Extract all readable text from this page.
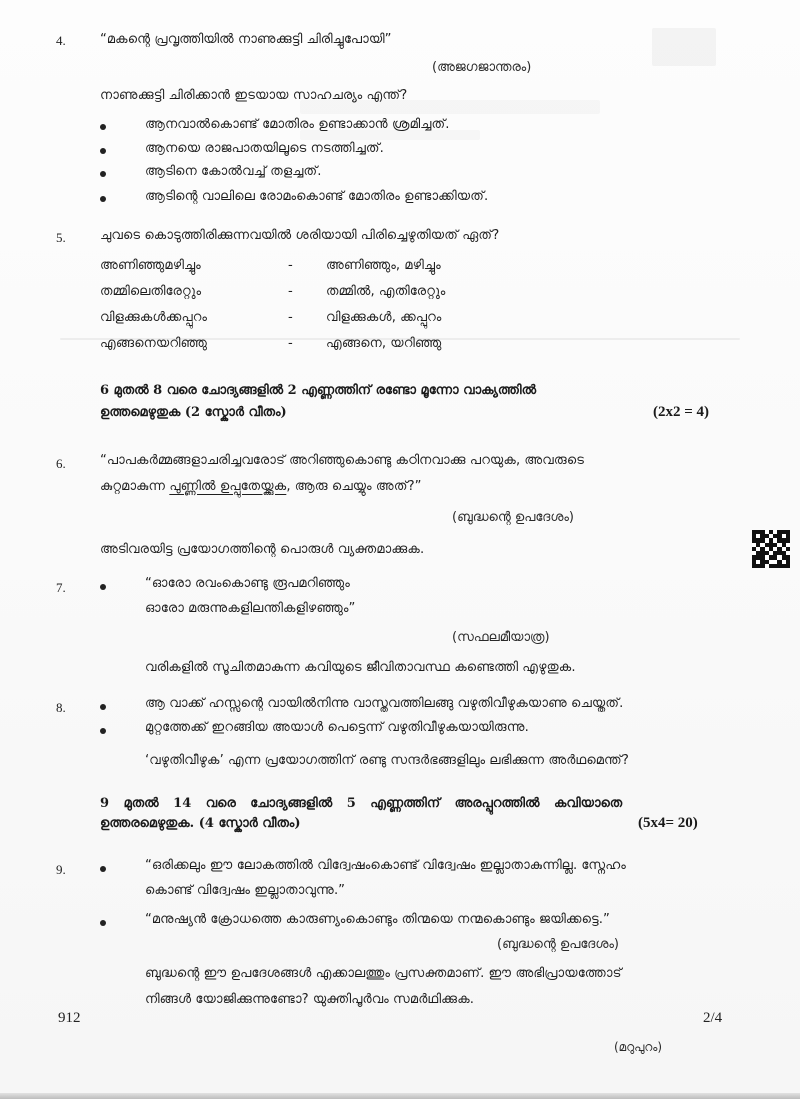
4.	“മകന്റെ പ്രവൃത്തിയിൽ നാണുക്കുട്ടി ചിരിച്ചുപോയി”
(അജഗജാന്തരം)
നാണുക്കുട്ടി ചിരിക്കാൻ ഇടയായ സാഹചര്യം എന്ത്?
ആനവാൽകൊണ്ട് മോതിരം ഉണ്ടാക്കാൻ ശ്രമിച്ചത്.
ആനയെ രാജപാതയിലൂടെ നടത്തിച്ചത്.
ആടിനെ കോൽവച്ച് തളച്ചത്.
ആടിന്റെ വാലിലെ രോമംകൊണ്ട് മോതിരം ഉണ്ടാക്കിയത്.
5.	ചുവടെ കൊടുത്തിരിക്കുന്നവയിൽ ശരിയായി പിരിച്ചെഴുതിയത് ഏത്?
അണിഞ്ഞുമഴിച്ചും	-	അണിഞ്ഞും, മഴിച്ചും
തമ്മിലെതിരേറ്റും	-	തമ്മിൽ, എതിരേറ്റും
വിളക്കുകൾക്കപ്പുറം	-	വിളക്കുകൾ, ക്കപ്പുറം
എങ്ങനെയറിഞ്ഞു	-	എങ്ങനെ, യറിഞ്ഞു
6 മുതൽ 8 വരെ ചോദ്യങ്ങളിൽ 2 എണ്ണത്തിന് രണ്ടോ മൂന്നോ വാക്യത്തിൽ
ഉത്തമെഴുതുക (2 സ്കോർ വീതം)	(2x2 = 4)
6.	“പാപകർമ്മങ്ങളാചരിച്ചവരോട് അറിഞ്ഞുകൊണ്ടു കഠിനവാക്കു പറയുക, അവരുടെ
കുറ്റമാകുന്ന പുണ്ണിൽ ഉപ്പുതേയ്ക്കുക, ആരു ചെയ്യും അത്?”
(ബുദ്ധന്റെ ഉപദേശം)
അടിവരയിട്ട പ്രയോഗത്തിന്റെ പൊരുൾ വ്യക്തമാക്കുക.
7.	“ഓരോ രവംകൊണ്ടു രൂപമറിഞ്ഞും
ഓരോ മരുന്നുകളിലന്തികളിഴഞ്ഞും”
(സഫലമീയാത്ര)
വരികളിൽ സൂചിതമാകുന്ന കവിയുടെ ജീവിതാവസ്ഥ കണ്ടെത്തി എഴുതുക.
8.	ആ വാക്ക് ഹസ്സന്റെ വായിൽനിന്നു വാസ്തവത്തിലങ്ങു വഴുതിവീഴുകയാണു ചെയ്തത്.
മുറ്റത്തേക്ക് ഇറങ്ങിയ അയാൾ പെട്ടെന്ന് വഴുതിവീഴുകയായിരുന്നു.
‘വഴുതിവീഴുക’ എന്ന പ്രയോഗത്തിന് രണ്ടു സന്ദർഭങ്ങളിലും ലഭിക്കുന്ന അർഥമെന്ത്?
9 മുതൽ 14 വരെ ചോദ്യങ്ങളിൽ 5 എണ്ണത്തിന് അരപ്പുറത്തിൽ കവിയാതെ
ഉത്തരമെഴുതുക. (4 സ്കോർ വീതം)	(5x4= 20)
9.	“ഒരിക്കലും ഈ ലോകത്തിൽ വിദ്വേഷംകൊണ്ട് വിദ്വേഷം ഇല്ലാതാകുന്നില്ല. സ്നേഹം
കൊണ്ട് വിദ്വേഷം ഇല്ലാതാവുന്നു.”
“മനുഷ്യൻ ക്രോധത്തെ കാരുണ്യംകൊണ്ടും തിന്മയെ നന്മകൊണ്ടും ജയിക്കട്ടെ.”
(ബുദ്ധന്റെ ഉപദേശം)
ബുദ്ധന്റെ ഈ ഉപദേശങ്ങൾ എക്കാലത്തും പ്രസക്തമാണ്. ഈ അഭിപ്രായത്തോട്
നിങ്ങൾ യോജിക്കുന്നുണ്ടോ? യുക്തിപൂർവം സമർഥിക്കുക.
912	2/4
(മറുപുറം)
